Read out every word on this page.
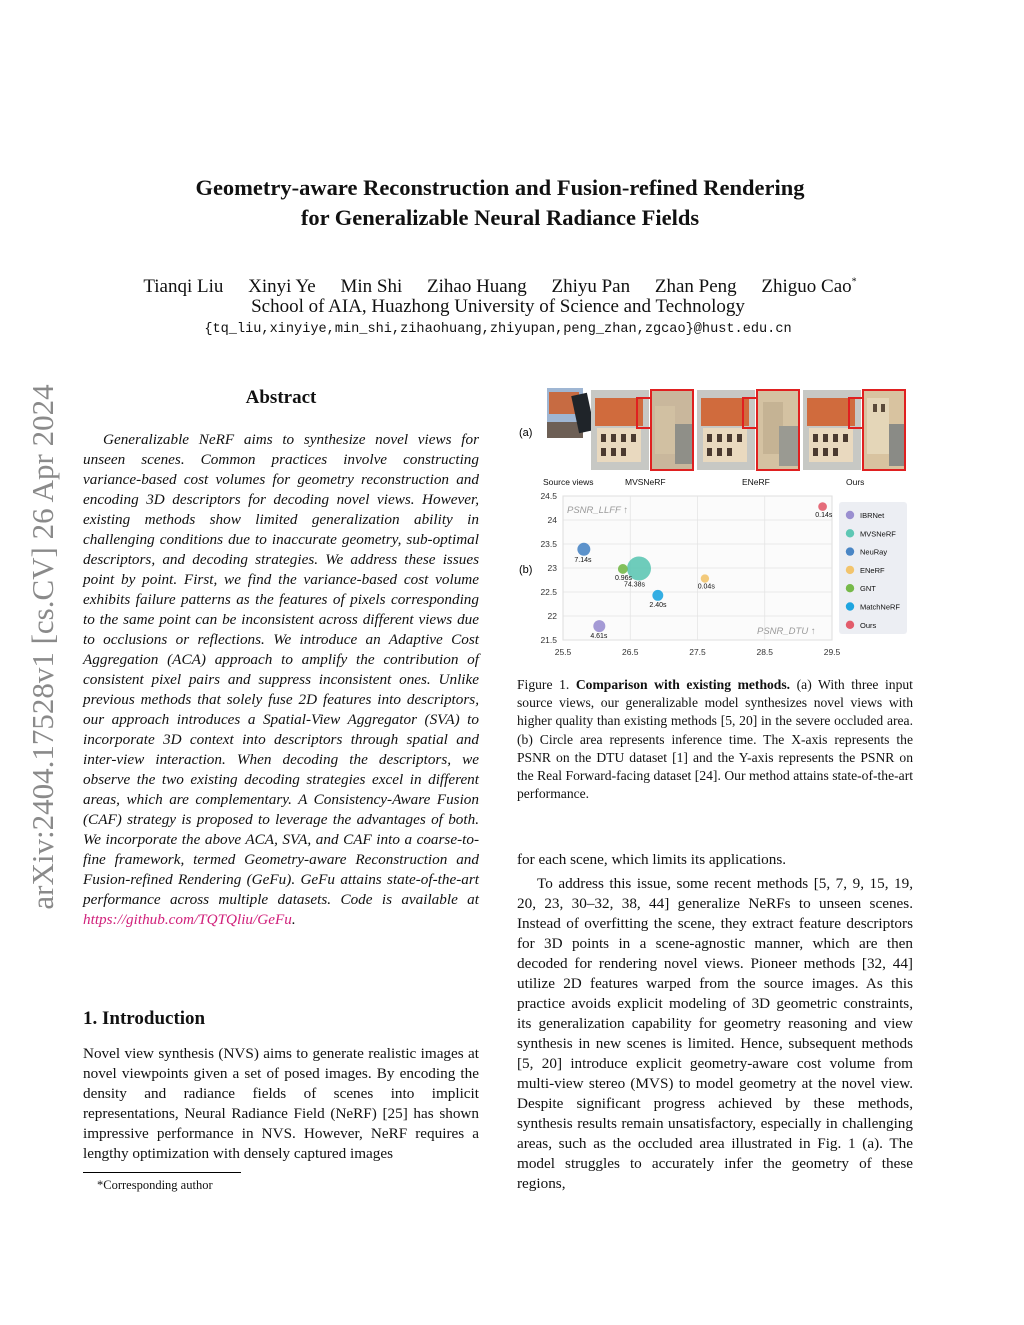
Geometry-aware Reconstruction and Fusion-refined Rendering
for Generalizable Neural Radiance Fields
Tianqi Liu Xinyi Ye Min Shi Zihao Huang Zhiyu Pan Zhan Peng Zhiguo Cao*
School of AIA, Huazhong University of Science and Technology
{tq_liu,xinyiye,min_shi,zihaohuang,zhiyupan,peng_zhan,zgcao}@hust.edu.cn
arXiv:2404.17528v1 [cs.CV] 26 Apr 2024	Abstract
Generalizable NeRF aims to synthesize novel views for unseen scenes. Common practices involve constructing variance-based cost volumes for geometry reconstruction and encoding 3D descriptors for decoding novel views. However, existing methods show limited generalization ability in challenging conditions due to inaccurate geometry, sub-optimal descriptors, and decoding strategies. We address these issues point by point. First, we find the variance-based cost volume exhibits failure patterns as the features of pixels corresponding to the same point can be inconsistent across different views due to occlusions or reflections. We introduce an Adaptive Cost Aggregation (ACA) approach to amplify the contribution of consistent pixel pairs and suppress inconsistent ones. Unlike previous methods that solely fuse 2D features into descriptors, our approach introduces a Spatial-View Aggregator (SVA) to incorporate 3D context into descriptors through spatial and inter-view interaction. When decoding the descriptors, we observe the two existing decoding strategies excel in different areas, which are complementary. A Consistency-Aware Fusion (CAF) strategy is proposed to leverage the advantages of both. We incorporate the above ACA, SVA, and CAF into a coarse-to-fine framework, termed Geometry-aware Reconstruction and Fusion-refined Rendering (GeFu). GeFu attains state-of-the-art performance across multiple datasets. Code is available at https://github.com/TQTQliu/GeFu.
1. Introduction
Novel view synthesis (NVS) aims to generate realistic images at novel viewpoints given a set of posed images. By encoding the density and radiance fields of scenes into implicit representations, Neural Radiance Field (NeRF) [25] has shown impressive performance in NVS. However, NeRF requires a lengthy optimization with densely captured images
*Corresponding author
(a)
Source views	MVSNeRF	ENeRF	Ours
(b)
24.5
24
23.5
23
22.5
22
21.5
25.5	26.5	27.5	28.5	29.5
PSNR_LLFF ↑
PSNR_DTU ↑
4.61s
74.38s
7.14s
0.04s
0.96s
2.40s
0.14s	IBRNet
MVSNeRF
NeuRay
ENeRF
GNT
MatchNeRF
Ours
Figure 1. Comparison with existing methods. (a) With three input source views, our generalizable model synthesizes novel views with higher quality than existing methods [5, 20] in the severe occluded area. (b) Circle area represents inference time. The X-axis represents the PSNR on the DTU dataset [1] and the Y-axis represents the PSNR on the Real Forward-facing dataset [24]. Our method attains state-of-the-art performance.
for each scene, which limits its applications.
To address this issue, some recent methods [5, 7, 9, 15, 19, 20, 23, 30–32, 38, 44] generalize NeRFs to unseen scenes. Instead of overfitting the scene, they extract feature descriptors for 3D points in a scene-agnostic manner, which are then decoded for rendering novel views. Pioneer methods [32, 44] utilize 2D features warped from the source images. As this practice avoids explicit modeling of 3D geometric constraints, its generalization capability for geometry reasoning and view synthesis in new scenes is limited. Hence, subsequent methods [5, 20] introduce explicit geometry-aware cost volume from multi-view stereo (MVS) to model geometry at the novel view. Despite significant progress achieved by these methods, synthesis results remain unsatisfactory, especially in challenging areas, such as the occluded area illustrated in Fig. 1 (a). The model struggles to accurately infer the geometry of these regions,
